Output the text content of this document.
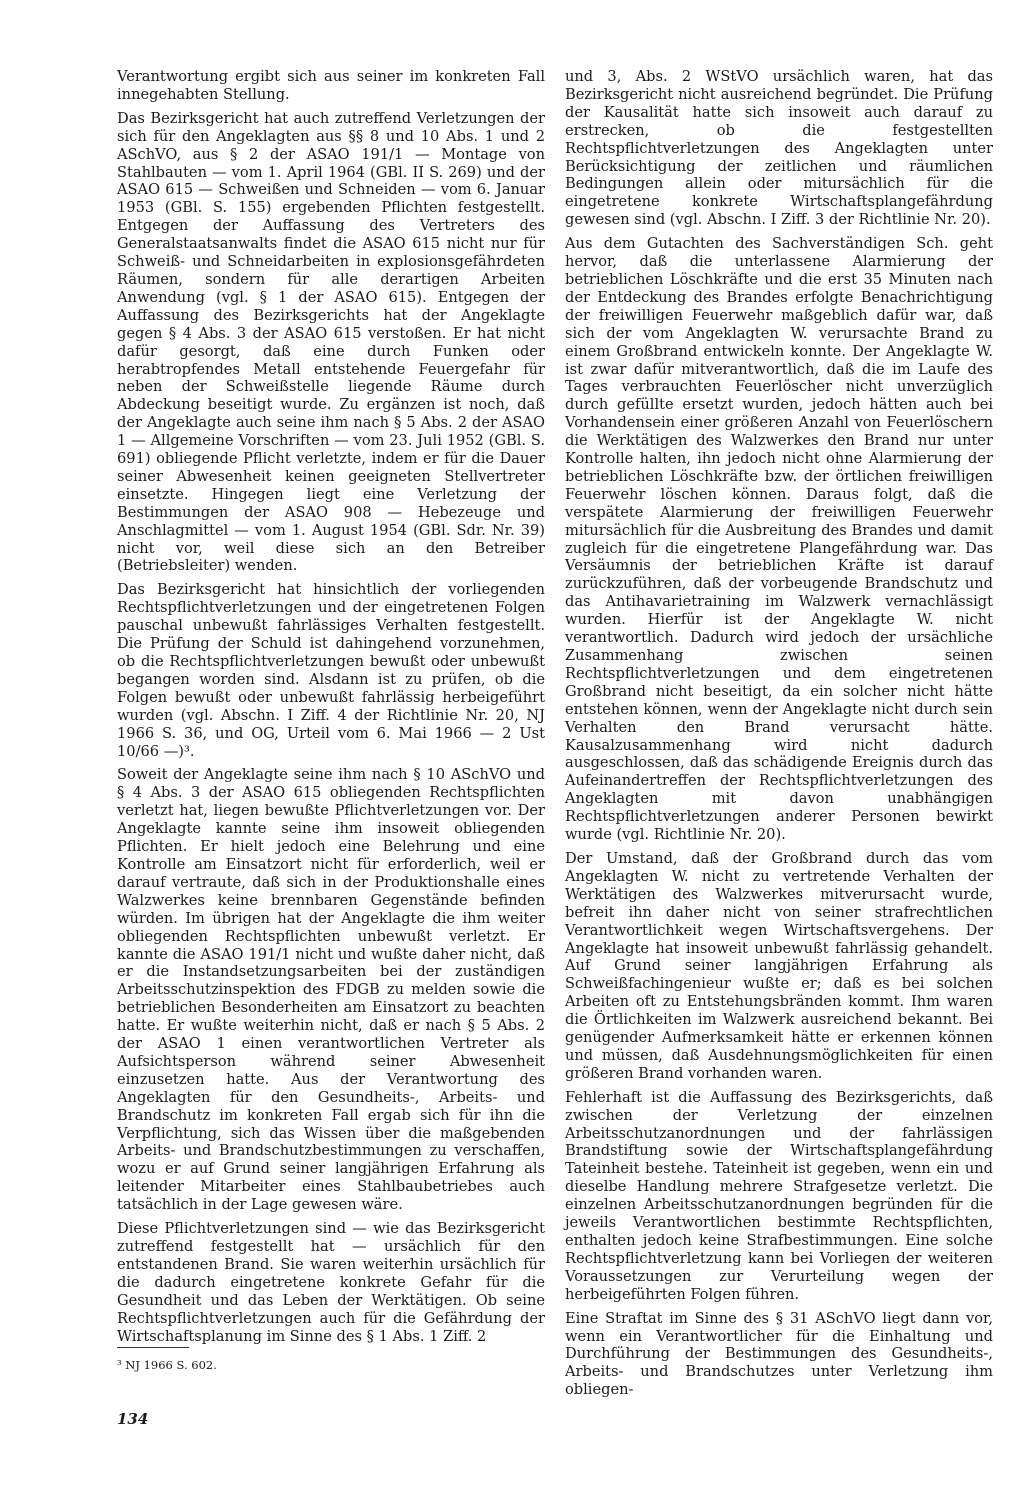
Verantwortung ergibt sich aus seiner im konkreten Fall innegehabten Stellung.

Das Bezirksgericht hat auch zutreffend Verletzungen der sich für den Angeklagten aus §§ 8 und 10 Abs. 1 und 2 ASchVO, aus § 2 der ASAO 191/1 — Montage von Stahlbauten — vom 1. April 1964 (GBl. II S. 269) und der ASAO 615 — Schweißen und Schneiden — vom 6. Januar 1953 (GBl. S. 155) ergebenden Pflichten festgestellt. Entgegen der Auffassung des Vertreters des Generalstaatsanwalts findet die ASAO 615 nicht nur für Schweiß- und Schneidarbeiten in explosionsgefährdeten Räumen, sondern für alle derartigen Arbeiten Anwendung (vgl. § 1 der ASAO 615). Entgegen der Auffassung des Bezirksgerichts hat der Angeklagte gegen § 4 Abs. 3 der ASAO 615 verstoßen. Er hat nicht dafür gesorgt, daß eine durch Funken oder herabtropfendes Metall entstehende Feuergefahr für neben der Schweißstelle liegende Räume durch Abdeckung beseitigt wurde. Zu ergänzen ist noch, daß der Angeklagte auch seine ihm nach § 5 Abs. 2 der ASAO 1 — Allgemeine Vorschriften — vom 23. Juli 1952 (GBl. S. 691) obliegende Pflicht verletzte, indem er für die Dauer seiner Abwesenheit keinen geeigneten Stellvertreter einsetzte. Hingegen liegt eine Verletzung der Bestimmungen der ASAO 908 — Hebezeuge und Anschlagmittel — vom 1. August 1954 (GBl. Sdr. Nr. 39) nicht vor, weil diese sich an den Betreiber (Betriebsleiter) wenden.

Das Bezirksgericht hat hinsichtlich der vorliegenden Rechtspflichtverletzungen und der eingetretenen Folgen pauschal unbewußt fahrlässiges Verhalten festgestellt. Die Prüfung der Schuld ist dahingehend vorzunehmen, ob die Rechtspflichtverletzungen bewußt oder unbewußt begangen worden sind. Alsdann ist zu prüfen, ob die Folgen bewußt oder unbewußt fahrlässig herbeigeführt wurden (vgl. Abschn. I Ziff. 4 der Richtlinie Nr. 20, NJ 1966 S. 36, und OG, Urteil vom 6. Mai 1966 — 2 Ust 10/66 —)³.

Soweit der Angeklagte seine ihm nach § 10 ASchVO und § 4 Abs. 3 der ASAO 615 obliegenden Rechtspflichten verletzt hat, liegen bewußte Pflichtverletzungen vor. Der Angeklagte kannte seine ihm insoweit obliegenden Pflichten. Er hielt jedoch eine Belehrung und eine Kontrolle am Einsatzort nicht für erforderlich, weil er darauf vertraute, daß sich in der Produktionshalle eines Walzwerkes keine brennbaren Gegenstände befinden würden. Im übrigen hat der Angeklagte die ihm weiter obliegenden Rechtspflichten unbewußt verletzt. Er kannte die ASAO 191/1 nicht und wußte daher nicht, daß er die Instandsetzungsarbeiten bei der zuständigen Arbeitsschutzinspektion des FDGB zu melden sowie die betrieblichen Besonderheiten am Einsatzort zu beachten hatte. Er wußte weiterhin nicht, daß er nach § 5 Abs. 2 der ASAO 1 einen verantwortlichen Vertreter als Aufsichtsperson während seiner Abwesenheit einzusetzen hatte. Aus der Verantwortung des Angeklagten für den Gesundheits-, Arbeits- und Brandschutz im konkreten Fall ergab sich für ihn die Verpflichtung, sich das Wissen über die maßgebenden Arbeits- und Brandschutzbestimmungen zu verschaffen, wozu er auf Grund seiner langjährigen Erfahrung als leitender Mitarbeiter eines Stahlbaubetriebes auch tatsächlich in der Lage gewesen wäre.

Diese Pflichtverletzungen sind — wie das Bezirksgericht zutreffend festgestellt hat — ursächlich für den entstandenen Brand. Sie waren weiterhin ursächlich für die dadurch eingetretene konkrete Gefahr für die Gesundheit und das Leben der Werktätigen. Ob seine Rechtspflichtverletzungen auch für die Gefährdung der Wirtschaftsplanung im Sinne des § 1 Abs. 1 Ziff. 2

und 3, Abs. 2 WStVO ursächlich waren, hat das Bezirksgericht nicht ausreichend begründet. Die Prüfung der Kausalität hatte sich insoweit auch darauf zu erstrecken, ob die festgestellten Rechtspflichtverletzungen des Angeklagten unter Berücksichtigung der zeitlichen und räumlichen Bedingungen allein oder mitursächlich für die eingetretene konkrete Wirtschaftsplangefährdung gewesen sind (vgl. Abschn. I Ziff. 3 der Richtlinie Nr. 20).

Aus dem Gutachten des Sachverständigen Sch. geht hervor, daß die unterlassene Alarmierung der betrieblichen Löschkräfte und die erst 35 Minuten nach der Entdeckung des Brandes erfolgte Benachrichtigung der freiwilligen Feuerwehr maßgeblich dafür war, daß sich der vom Angeklagten W. verursachte Brand zu einem Großbrand entwickeln konnte. Der Angeklagte W. ist zwar dafür mitverantwortlich, daß die im Laufe des Tages verbrauchten Feuerlöscher nicht unverzüglich durch gefüllte ersetzt wurden, jedoch hätten auch bei Vorhandensein einer größeren Anzahl von Feuerlöschern die Werktätigen des Walzwerkes den Brand nur unter Kontrolle halten, ihn jedoch nicht ohne Alarmierung der betrieblichen Löschkräfte bzw. der örtlichen freiwilligen Feuerwehr löschen können. Daraus folgt, daß die verspätete Alarmierung der freiwilligen Feuerwehr mitursächlich für die Ausbreitung des Brandes und damit zugleich für die eingetretene Plangefährdung war. Das Versäumnis der betrieblichen Kräfte ist darauf zurückzuführen, daß der vorbeugende Brandschutz und das Antihavarietraining im Walzwerk vernachlässigt wurden. Hierfür ist der Angeklagte W. nicht verantwortlich. Dadurch wird jedoch der ursächliche Zusammenhang zwischen seinen Rechtspflichtverletzungen und dem eingetretenen Großbrand nicht beseitigt, da ein solcher nicht hätte entstehen können, wenn der Angeklagte nicht durch sein Verhalten den Brand verursacht hätte. Kausalzusammenhang wird nicht dadurch ausgeschlossen, daß das schädigende Ereignis durch das Aufeinandertreffen der Rechtspflichtverletzungen des Angeklagten mit davon unabhängigen Rechtspflichtverletzungen anderer Personen bewirkt wurde (vgl. Richtlinie Nr. 20).

Der Umstand, daß der Großbrand durch das vom Angeklagten W. nicht zu vertretende Verhalten der Werktätigen des Walzwerkes mitverursacht wurde, befreit ihn daher nicht von seiner strafrechtlichen Verantwortlichkeit wegen Wirtschaftsvergehens. Der Angeklagte hat insoweit unbewußt fahrlässig gehandelt. Auf Grund seiner langjährigen Erfahrung als Schweißfachingenieur wußte er; daß es bei solchen Arbeiten oft zu Entstehungsbränden kommt. Ihm waren die Örtlichkeiten im Walzwerk ausreichend bekannt. Bei genügender Aufmerksamkeit hätte er erkennen können und müssen, daß Ausdehnungsmöglichkeiten für einen größeren Brand vorhanden waren.

Fehlerhaft ist die Auffassung des Bezirksgerichts, daß zwischen der Verletzung der einzelnen Arbeitsschutzanordnungen und der fahrlässigen Brandstiftung sowie der Wirtschaftsplangefährdung Tateinheit bestehe. Tateinheit ist gegeben, wenn ein und dieselbe Handlung mehrere Strafgesetze verletzt. Die einzelnen Arbeitsschutzanordnungen begründen für die jeweils Verantwortlichen bestimmte Rechtspflichten, enthalten jedoch keine Strafbestimmungen. Eine solche Rechtspflichtverletzung kann bei Vorliegen der weiteren Voraussetzungen zur Verurteilung wegen der herbeigeführten Folgen führen.

Eine Straftat im Sinne des § 31 ASchVO liegt dann vor, wenn ein Verantwortlicher für die Einhaltung und Durchführung der Bestimmungen des Gesundheits-, Arbeits- und Brandschutzes unter Verletzung ihm obliegen-

³ NJ 1966 S. 602.
134
